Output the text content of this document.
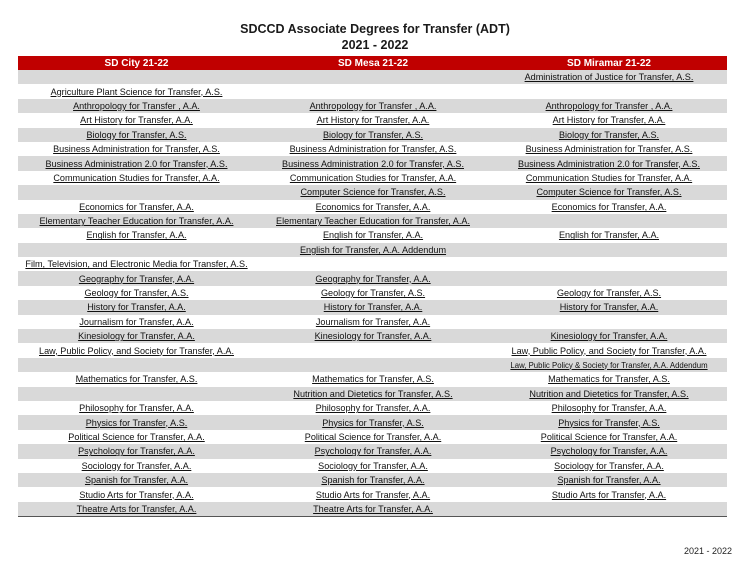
SDCCD Associate Degrees for Transfer (ADT)
2021 - 2022
SD City 21-22	SD Mesa 21-22	SD Miramar 21-22
		Administration of Justice for Transfer, A.S.
Agriculture Plant Science for Transfer, A.S.		
Anthropology for Transfer , A.A.	Anthropology for Transfer , A.A.	Anthropology for Transfer , A.A.
Art History for Transfer, A.A.	Art History for Transfer, A.A.	Art History for Transfer, A.A.
Biology for Transfer, A.S.	Biology for Transfer, A.S.	Biology for Transfer, A.S.
Business Administration for Transfer, A.S.	Business Administration for Transfer, A.S.	Business Administration for Transfer, A.S.
Business Administration 2.0 for Transfer, A.S.	Business Administration 2.0 for Transfer, A.S.	Business Administration 2.0 for Transfer, A.S.
Communication Studies for Transfer, A.A.	Communication Studies for Transfer, A.A.	Communication Studies for Transfer, A.A.
	Computer Science for Transfer, A.S.	Computer Science for Transfer, A.S.
Economics for Transfer, A.A.	Economics for Transfer, A.A.	Economics for Transfer, A.A.
Elementary Teacher Education for Transfer, A.A.	Elementary Teacher Education for Transfer, A.A.	
English for Transfer, A.A.	English for Transfer, A.A.	English for Transfer, A.A.
	English for Transfer, A.A. Addendum	
Film, Television, and Electronic Media for Transfer, A.S.		
Geography for Transfer, A.A.	Geography for Transfer, A.A.	
Geology for Transfer, A.S.	Geology for Transfer, A.S.	Geology for Transfer, A.S.
History for Transfer, A.A.	History for Transfer, A.A.	History for Transfer, A.A.
Journalism for Transfer, A.A.	Journalism for Transfer, A.A.	
Kinesiology for Transfer, A.A.	Kinesiology for Transfer, A.A.	Kinesiology for Transfer, A.A.
Law, Public Policy, and Society for Transfer, A.A.		Law, Public Policy, and Society for Transfer, A.A.
		Law, Public Policy & Society for Transfer, A.A. Addendum
Mathematics for Transfer, A.S.	Mathematics for Transfer, A.S.	Mathematics for Transfer, A.S.
	Nutrition and Dietetics for Transfer, A.S.	Nutrition and Dietetics for Transfer, A.S.
Philosophy for Transfer, A.A.	Philosophy for Transfer, A.A.	Philosophy for Transfer, A.A.
Physics for Transfer, A.S.	Physics for Transfer, A.S.	Physics for Transfer, A.S.
Political Science for Transfer, A.A.	Political Science for Transfer, A.A.	Political Science for Transfer, A.A.
Psychology for Transfer, A.A.	Psychology for Transfer, A.A.	Psychology for Transfer, A.A.
Sociology for Transfer, A.A.	Sociology for Transfer, A.A.	Sociology for Transfer, A.A.
Spanish for Transfer, A.A.	Spanish for Transfer, A.A.	Spanish for Transfer, A.A.
Studio Arts for Transfer, A.A.	Studio Arts for Transfer, A.A.	Studio Arts for Transfer, A.A.
Theatre Arts for Transfer, A.A.	Theatre Arts for Transfer, A.A.	
2021 - 2022
